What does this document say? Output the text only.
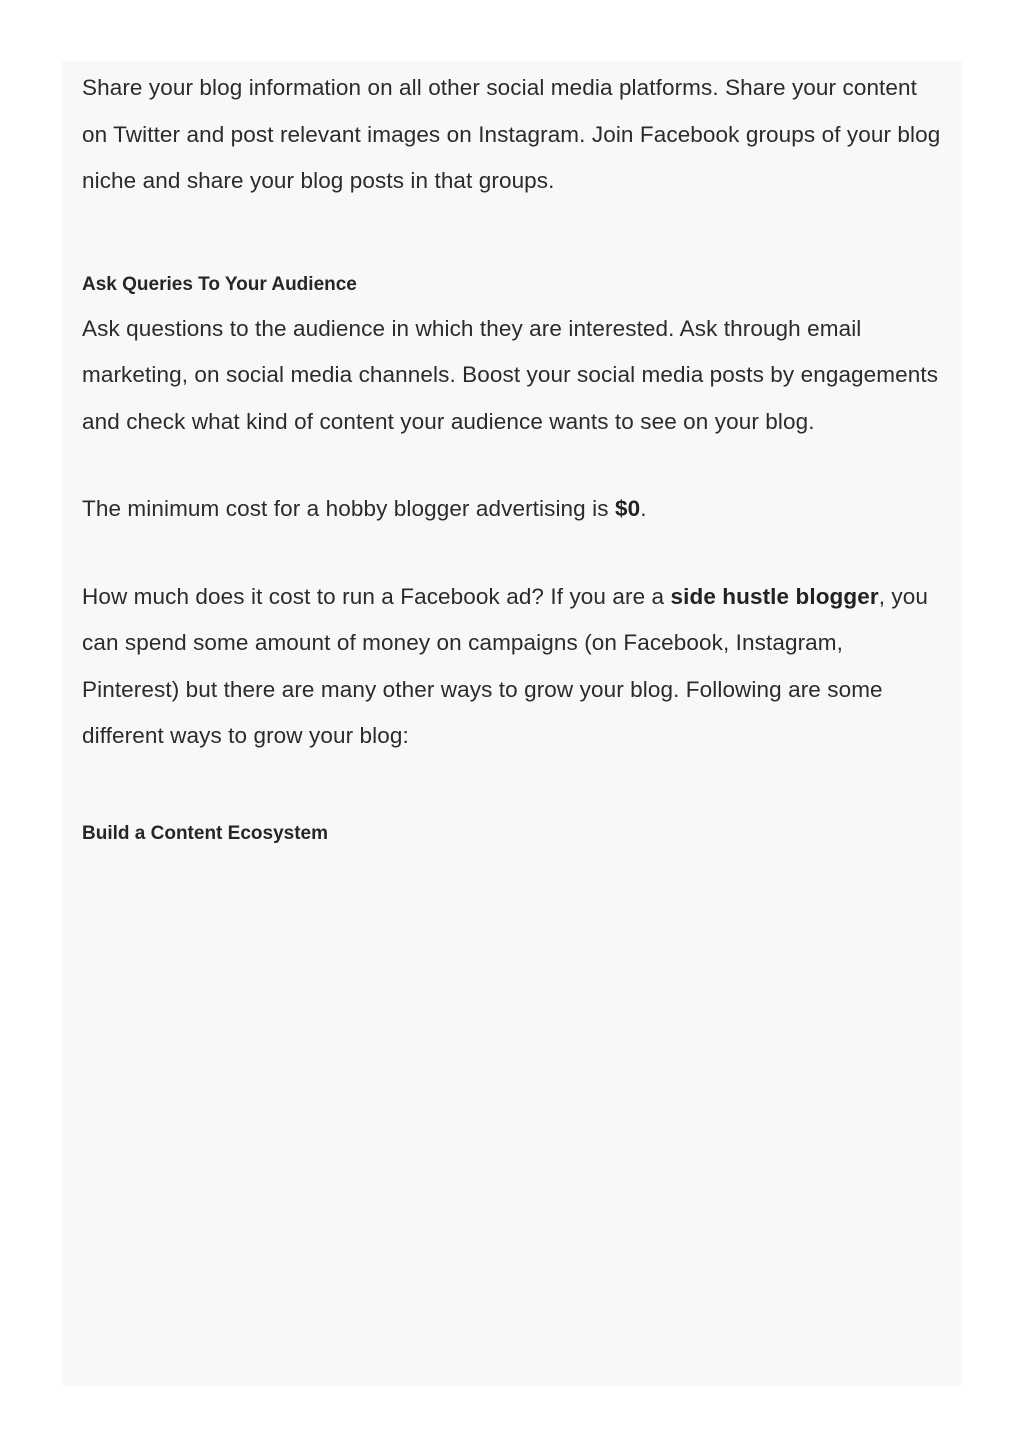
Share your blog information on all other social media platforms. Share your content on Twitter and post relevant images on Instagram. Join Facebook groups of your blog niche and share your blog posts in that groups.

Ask Queries To Your Audience

Ask questions to the audience in which they are interested. Ask through email marketing, on social media channels. Boost your social media posts by engagements and check what kind of content your audience wants to see on your blog.

The minimum cost for a hobby blogger advertising is $0.

How much does it cost to run a Facebook ad? If you are a side hustle blogger, you can spend some amount of money on campaigns (on Facebook, Instagram, Pinterest) but there are many other ways to grow your blog. Following are some different ways to grow your blog:

Build a Content Ecosystem
